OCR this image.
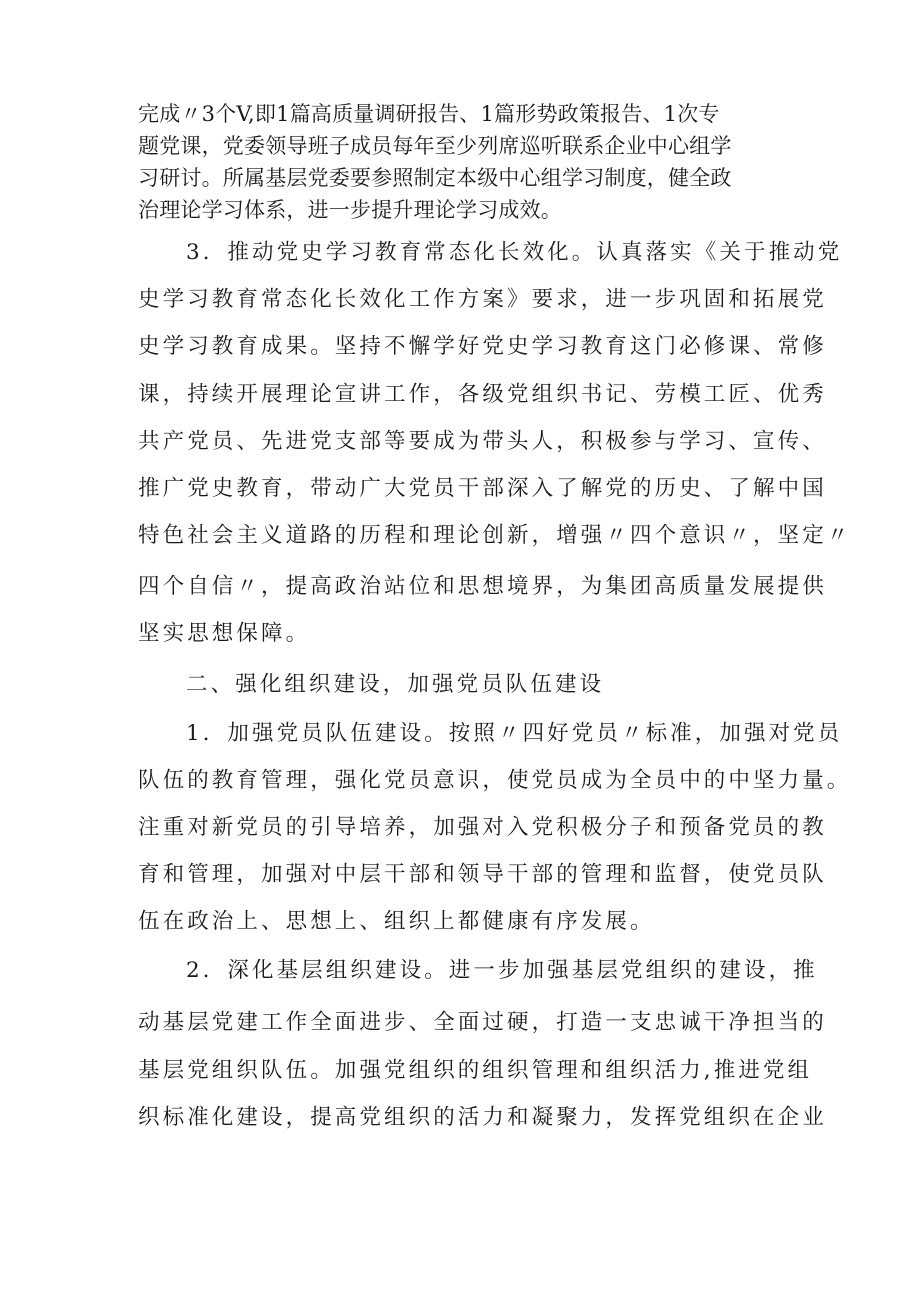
完成〃3个V,即1篇高质量调研报告、1篇形势政策报告、1次专

题党课，党委领导班子成员每年至少列席巡听联系企业中心组学

习研讨。所属基层党委要参照制定本级中心组学习制度，健全政

治理论学习体系，进一步提升理论学习成效。

3．推动党史学习教育常态化长效化。认真落实《关于推动党

史学习教育常态化长效化工作方案》要求，进一步巩固和拓展党

史学习教育成果。坚持不懈学好党史学习教育这门必修课、常修

课，持续开展理论宣讲工作，各级党组织书记、劳模工匠、优秀

共产党员、先进党支部等要成为带头人，积极参与学习、宣传、

推广党史教育，带动广大党员干部深入了解党的历史、了解中国

特色社会主义道路的历程和理论创新，增强〃四个意识〃，坚定〃

四个自信〃，提高政治站位和思想境界，为集团高质量发展提供

坚实思想保障。

二、强化组织建设，加强党员队伍建设

1．加强党员队伍建设。按照〃四好党员〃标准，加强对党员

队伍的教育管理，强化党员意识，使党员成为全员中的中坚力量。

注重对新党员的引导培养，加强对入党积极分子和预备党员的教

育和管理，加强对中层干部和领导干部的管理和监督，使党员队

伍在政治上、思想上、组织上都健康有序发展。

2．深化基层组织建设。进一步加强基层党组织的建设，推

动基层党建工作全面进步、全面过硬，打造一支忠诚干净担当的

基层党组织队伍。加强党组织的组织管理和组织活力,推进党组

织标准化建设，提高党组织的活力和凝聚力，发挥党组织在企业
